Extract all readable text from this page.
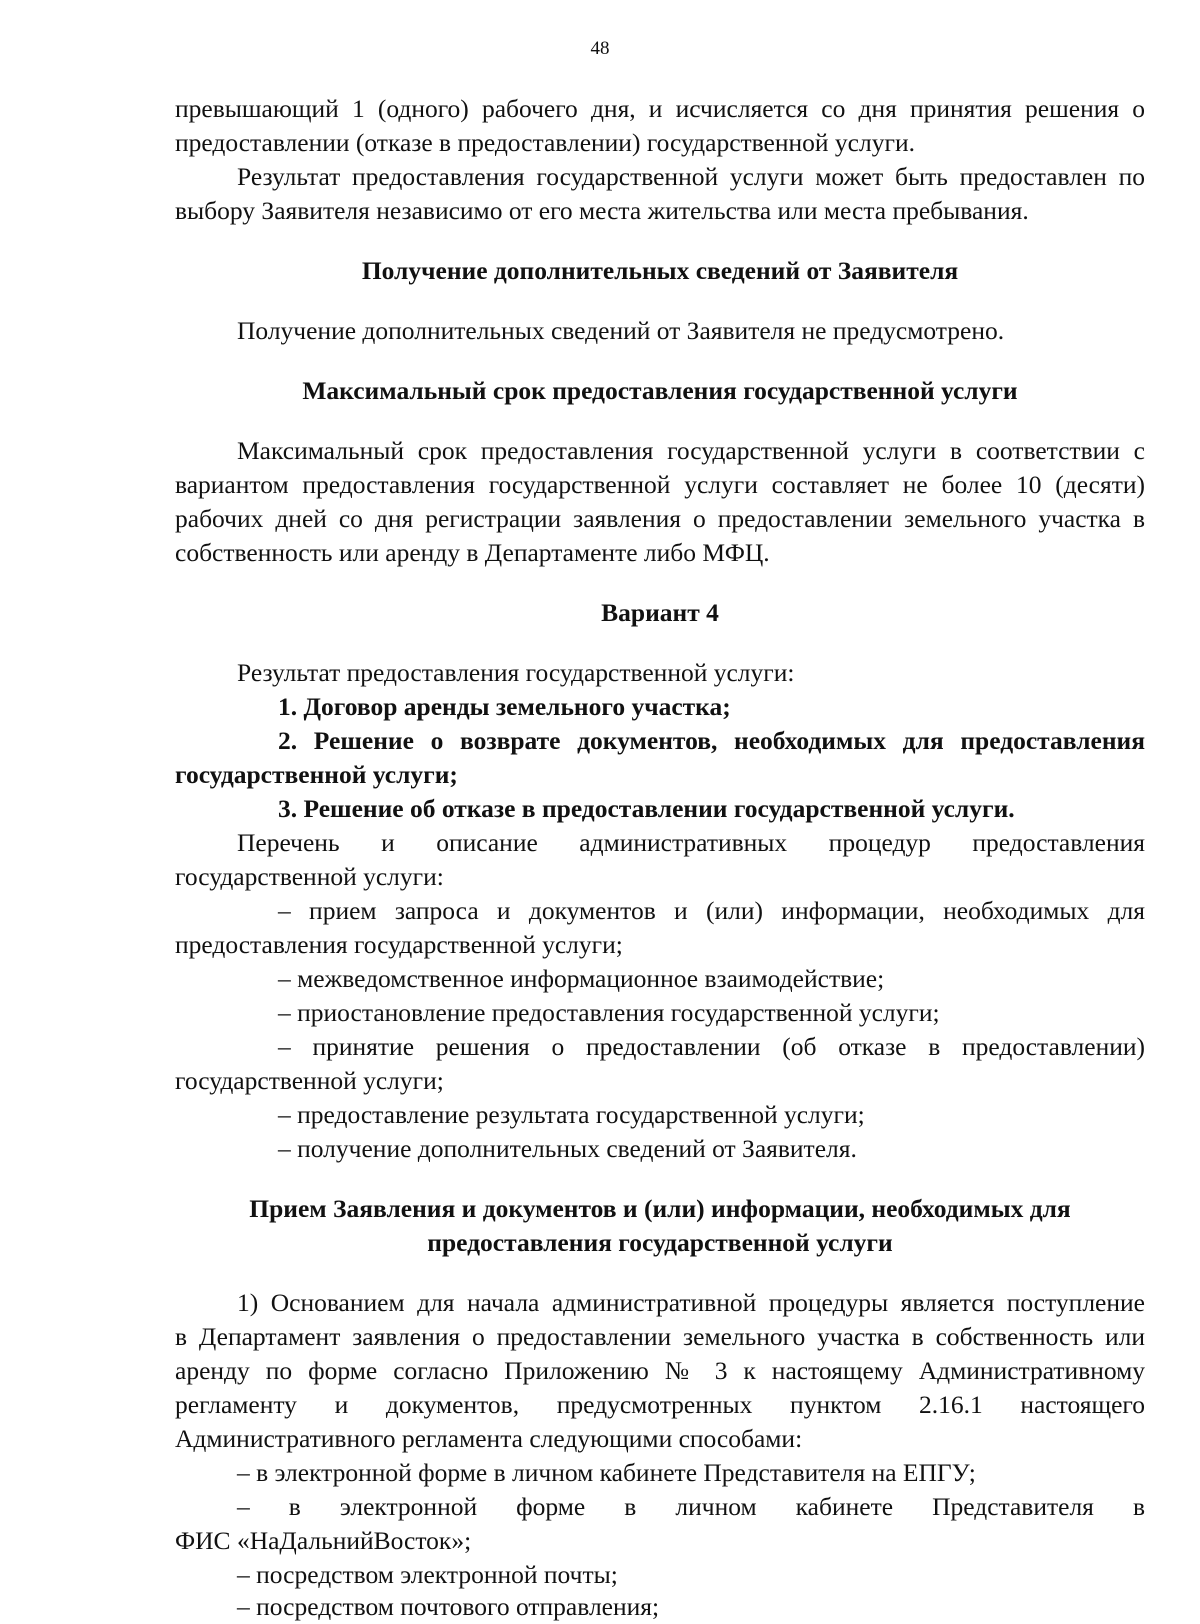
48
превышающий 1 (одного) рабочего дня, и исчисляется со дня принятия решения о
предоставлении (отказе в предоставлении) государственной услуги.
Результат предоставления государственной услуги может быть предоставлен по
выбору Заявителя независимо от его места жительства или места пребывания.
Получение дополнительных сведений от Заявителя
Получение дополнительных сведений от Заявителя не предусмотрено.
Максимальный срок предоставления государственной услуги
Максимальный срок предоставления государственной услуги в соответствии с
вариантом предоставления государственной услуги составляет не более 10 (десяти)
рабочих дней со дня регистрации заявления о предоставлении земельного участка в
собственность или аренду в Департаменте либо МФЦ.
Вариант 4
Результат предоставления государственной услуги:
1. Договор аренды земельного участка;
2. Решение о возврате документов, необходимых для предоставления
государственной услуги;
3. Решение об отказе в предоставлении государственной услуги.
Перечень и описание административных процедур предоставления
государственной услуги:
– прием запроса и документов и (или) информации, необходимых для
предоставления государственной услуги;
– межведомственное информационное взаимодействие;
– приостановление предоставления государственной услуги;
– принятие решения о предоставлении (об отказе в предоставлении)
государственной услуги;
– предоставление результата государственной услуги;
– получение дополнительных сведений от Заявителя.
Прием Заявления и документов и (или) информации, необходимых для
предоставления государственной услуги
1) Основанием для начала административной процедуры является поступление
в Департамент заявления о предоставлении земельного участка в собственность или
аренду по форме согласно Приложению № 3 к настоящему Административному
регламенту и документов, предусмотренных пунктом 2.16.1 настоящего
Административного регламента следующими способами:
– в электронной форме в личном кабинете Представителя на ЕПГУ;
– в электронной форме в личном кабинете Представителя в
ФИС «НаДальнийВосток»;
– посредством электронной почты;
– посредством почтового отправления;
